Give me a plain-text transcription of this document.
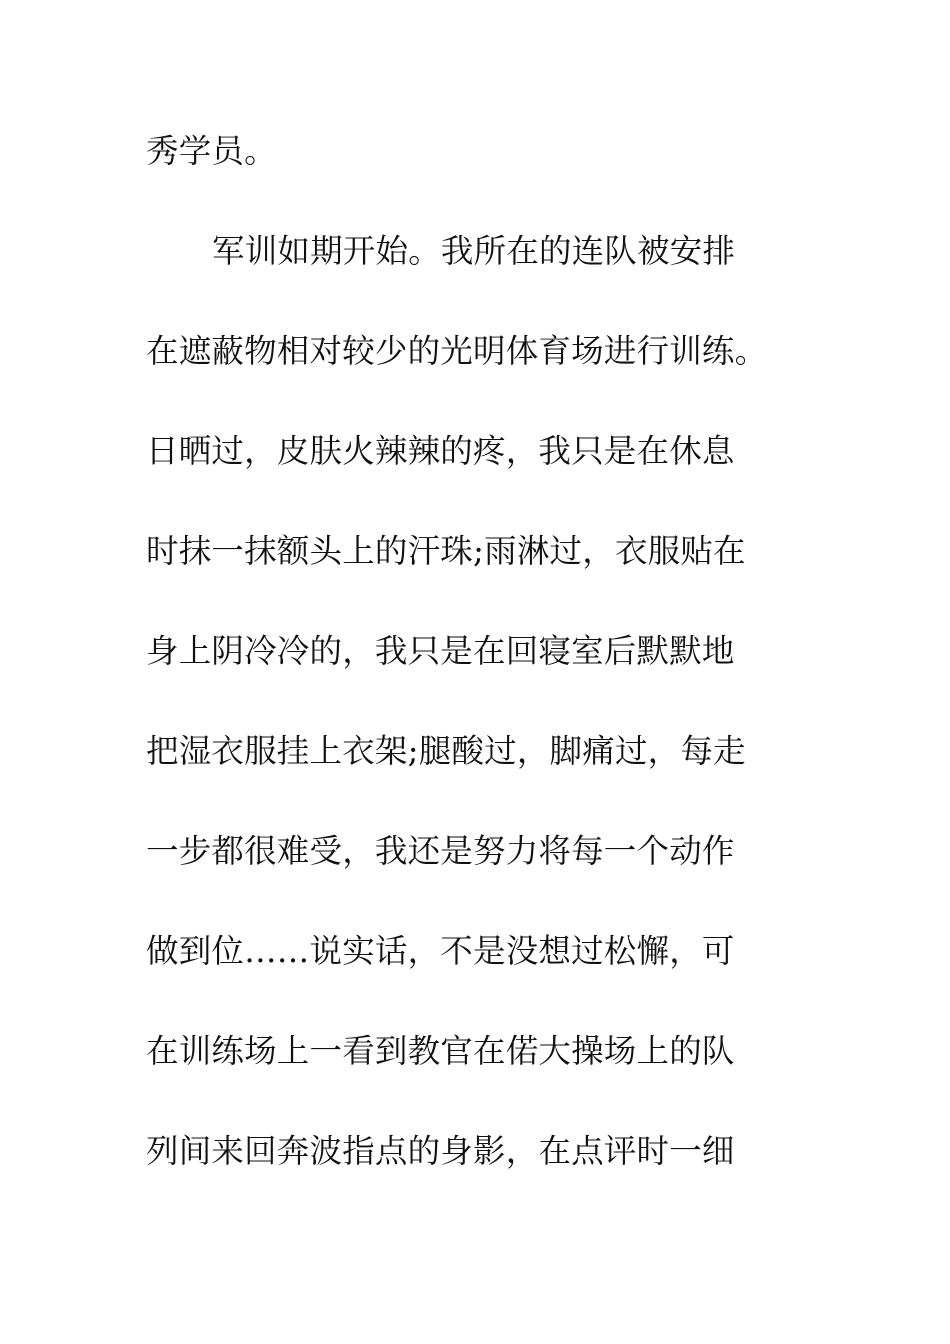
秀学员。
军训如期开始。我所在的连队被安排
在遮蔽物相对较少的光明体育场进行训练。
日晒过，皮肤火辣辣的疼，我只是在休息
时抹一抹额头上的汗珠;雨淋过，衣服贴在
身上阴冷冷的，我只是在回寝室后默默地
把湿衣服挂上衣架;腿酸过，脚痛过，每走
一步都很难受，我还是努力将每一个动作
做到位……说实话，不是没想过松懈，可
在训练场上一看到教官在偌大操场上的队
列间来回奔波指点的身影，在点评时一细
